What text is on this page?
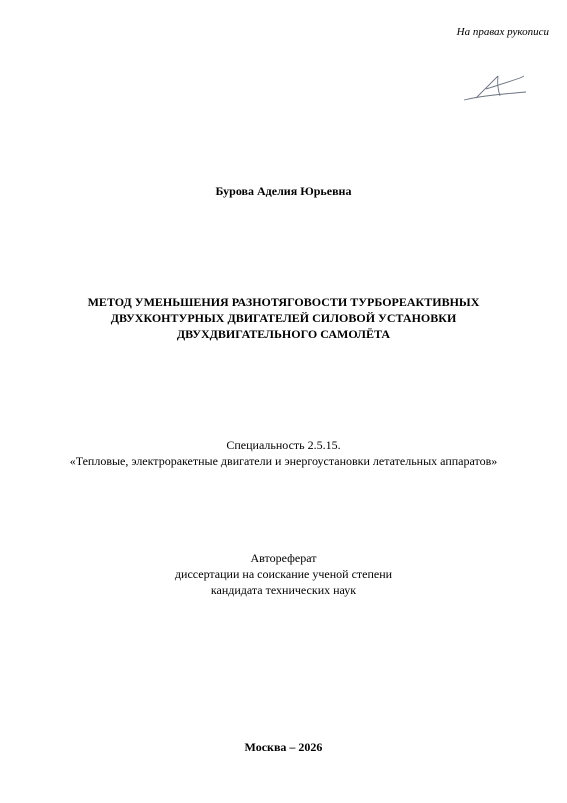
На правах рукописи
Бурова Аделия Юрьевна
МЕТОД УМЕНЬШЕНИЯ РАЗНОТЯГОВОСТИ ТУРБОРЕАКТИВНЫХ
ДВУХКОНТУРНЫХ ДВИГАТЕЛЕЙ СИЛОВОЙ УСТАНОВКИ
ДВУХДВИГАТЕЛЬНОГО САМОЛЁТА
Специальность 2.5.15.
«Тепловые, электроракетные двигатели и энергоустановки летательных аппаратов»
Автореферат
диссертации на соискание ученой степени
кандидата технических наук
Москва – 2026
